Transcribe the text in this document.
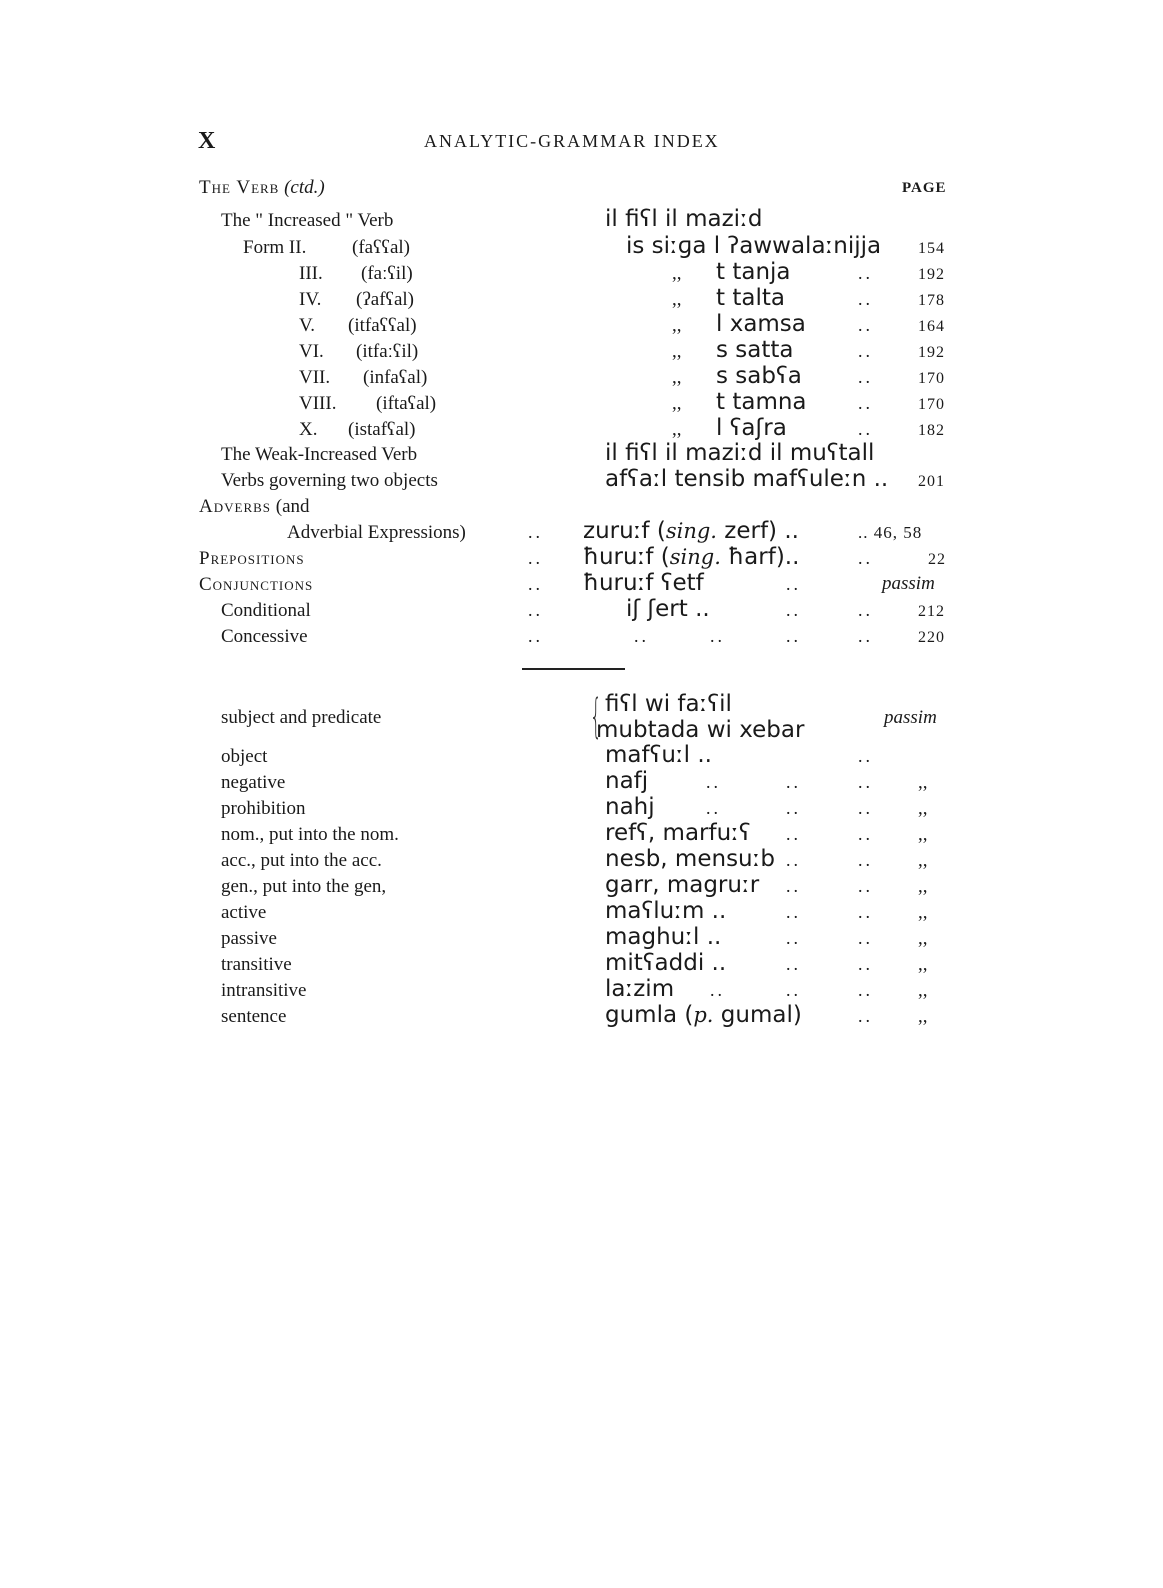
X	ANALYTIC-GRAMMAR INDEX
The Verb (ctd.)	PAGE
The " Increased " Verb	il fiʕl il maziːd
Form II. (faʕʕal)	is siːɡa l ʔawwalaːnijja 154
III. (faːʕil)	,, t tanja	..	192
IV. (ʔafʕal)	,, t talta	..	178
V. (itfaʕʕal)	,, l xamsa	..	164
VI. (itfaːʕil)	,, s satta	..	192
VII. (infaʕal)	,, s sabʕa	..	170
VIII. (iftaʕal)	,, t tamna	..	170
X. (istafʕal)	,, l ʕaʃra	..	182
The Weak-Increased Verb	il fiʕl il maziːd il muʕtall
Verbs governing two objects	afʕaːl tensib mafʕuleːn .. 201
Adverbs (and
Adverbial Expressions)	.. zuruːf (sing. zerf) ..	.. 46, 58
Prepositions	.. ħuruːf (sing. ħarf)..	..	22
Conjunctions	.. ħuruːf ʕetf	..	passim
Conditional	..	iʃ ʃert ..	..	..	212
Concessive	..	..	..	..	..	220
subject and predicate	{ fiʕl wi faːʕil
mubtada wi xebar	passim
object	mafʕuːl ..	..
negative	nafj	..	..	.. ,,
prohibition	nahj	..	..	.. ,,
nom., put into the nom.	refʕ, marfuːʕ ..	.. ,,
acc., put into the acc.	nesb, mensuːb ..	.. ,,
gen., put into the gen,	garr, magruːr ..	.. ,,
active	maʕluːm ..	..	.. ,,
passive	maghuːl ..	..	.. ,,
transitive	mitʕaddi ..	..	.. ,,
intransitive	laːzim ..	..	.. ,,
sentence	gumla (p. gumal)	.. ,,
